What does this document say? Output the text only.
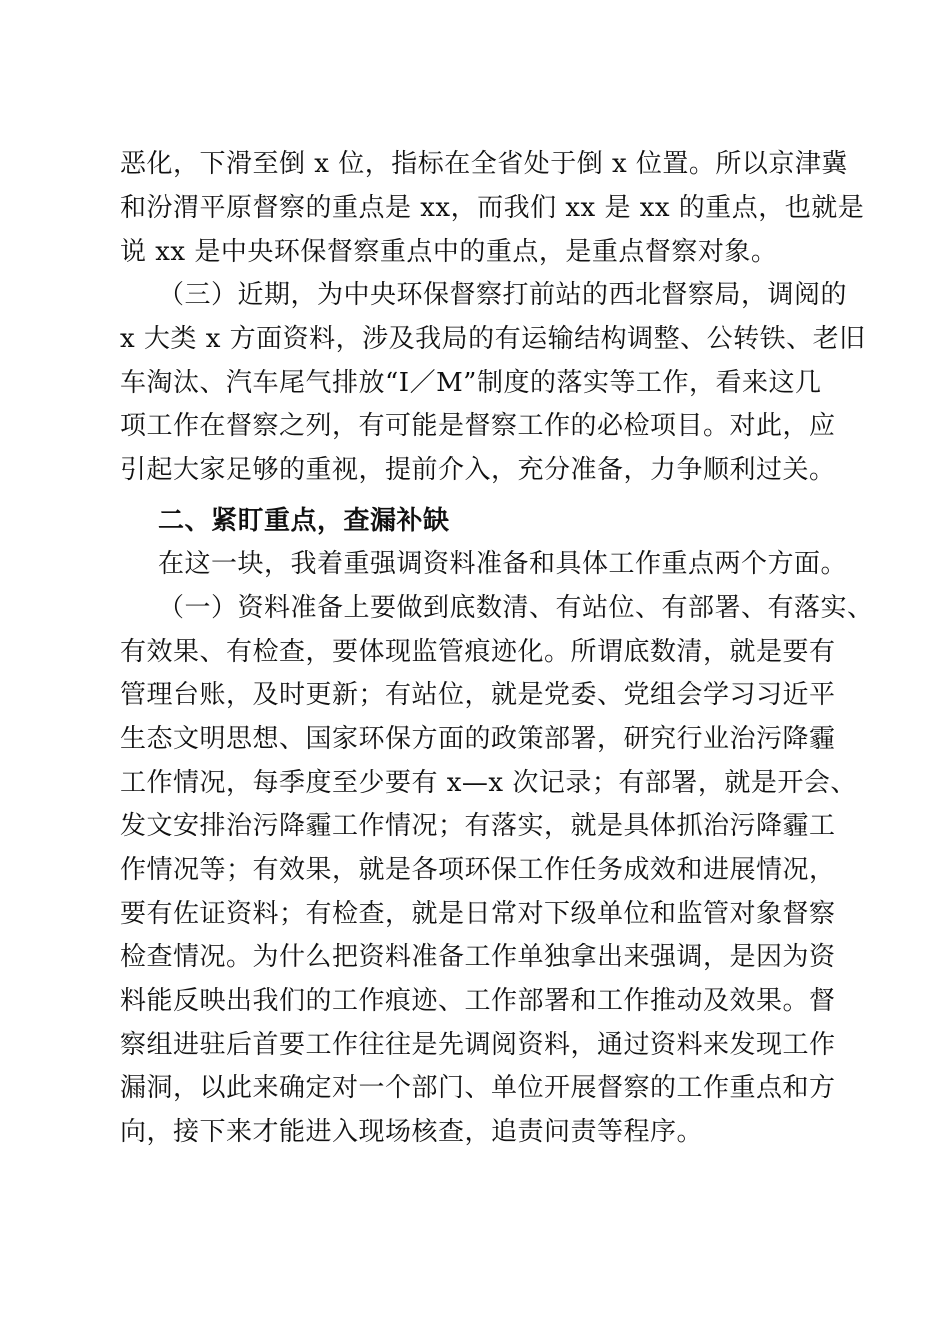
恶化，下滑至倒 x 位，指标在全省处于倒 x 位置。所以京津冀
和汾渭平原督察的重点是 xx，而我们 xx 是 xx 的重点，也就是
说 xx 是中央环保督察重点中的重点，是重点督察对象。
（三）近期，为中央环保督察打前站的西北督察局，调阅的
x 大类 x 方面资料，涉及我局的有运输结构调整、公转铁、老旧
车淘汰、汽车尾气排放“I／M”制度的落实等工作，看来这几
项工作在督察之列，有可能是督察工作的必检项目。对此，应
引起大家足够的重视，提前介入，充分准备，力争顺利过关。
二、紧盯重点，查漏补缺
在这一块，我着重强调资料准备和具体工作重点两个方面。
（一）资料准备上要做到底数清、有站位、有部署、有落实、
有效果、有检查，要体现监管痕迹化。所谓底数清，就是要有
管理台账，及时更新；有站位，就是党委、党组会学习习近平
生态文明思想、国家环保方面的政策部署，研究行业治污降霾
工作情况，每季度至少要有 x—x 次记录；有部署，就是开会、
发文安排治污降霾工作情况；有落实，就是具体抓治污降霾工
作情况等；有效果，就是各项环保工作任务成效和进展情况，
要有佐证资料；有检查，就是日常对下级单位和监管对象督察
检查情况。为什么把资料准备工作单独拿出来强调，是因为资
料能反映出我们的工作痕迹、工作部署和工作推动及效果。督
察组进驻后首要工作往往是先调阅资料，通过资料来发现工作
漏洞，以此来确定对一个部门、单位开展督察的工作重点和方
向，接下来才能进入现场核查，追责问责等程序。
